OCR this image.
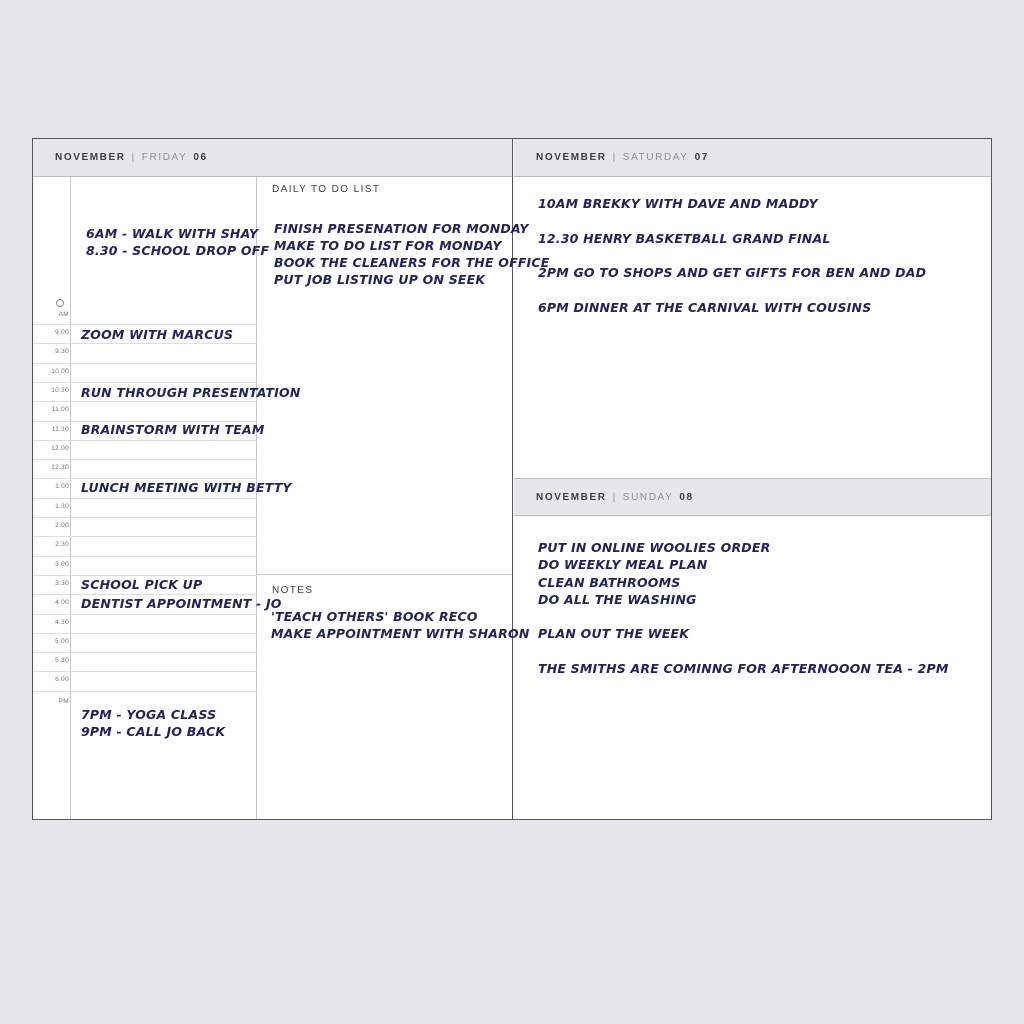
NOVEMBER | FRIDAY 06	NOVEMBER | SATURDAY 07
NOVEMBER | SUNDAY 08
6AM - WALK WITH SHAY
8.30 - SCHOOL DROP OFF
AM
9.00
9.30
10.00
10.30
11.00
11.30
12.00
12.30
1.00
1.30
2.00
2.30
3.00
3.30
4.00
4.30
5.00
5.30
6.00
PM
ZOOM WITH MARCUS
RUN THROUGH PRESENTATION
BRAINSTORM WITH TEAM
LUNCH MEETING WITH BETTY
SCHOOL PICK UP
DENTIST APPOINTMENT - JO
7PM - YOGA CLASS
9PM - CALL JO BACK
DAILY TO DO LIST
FINISH PRESENATION FOR MONDAY
MAKE TO DO LIST FOR MONDAY
BOOK THE CLEANERS FOR THE OFFICE
PUT JOB LISTING UP ON SEEK
NOTES
'TEACH OTHERS' BOOK RECO
MAKE APPOINTMENT WITH SHARON
10AM BREKKY WITH DAVE AND MADDY
12.30 HENRY BASKETBALL GRAND FINAL
2PM GO TO SHOPS AND GET GIFTS FOR BEN AND DAD
6PM DINNER AT THE CARNIVAL WITH COUSINS
PUT IN ONLINE WOOLIES ORDER
DO WEEKLY MEAL PLAN
CLEAN BATHROOMS
DO ALL THE WASHING
PLAN OUT THE WEEK
THE SMITHS ARE COMINNG FOR AFTERNOOON TEA - 2PM
